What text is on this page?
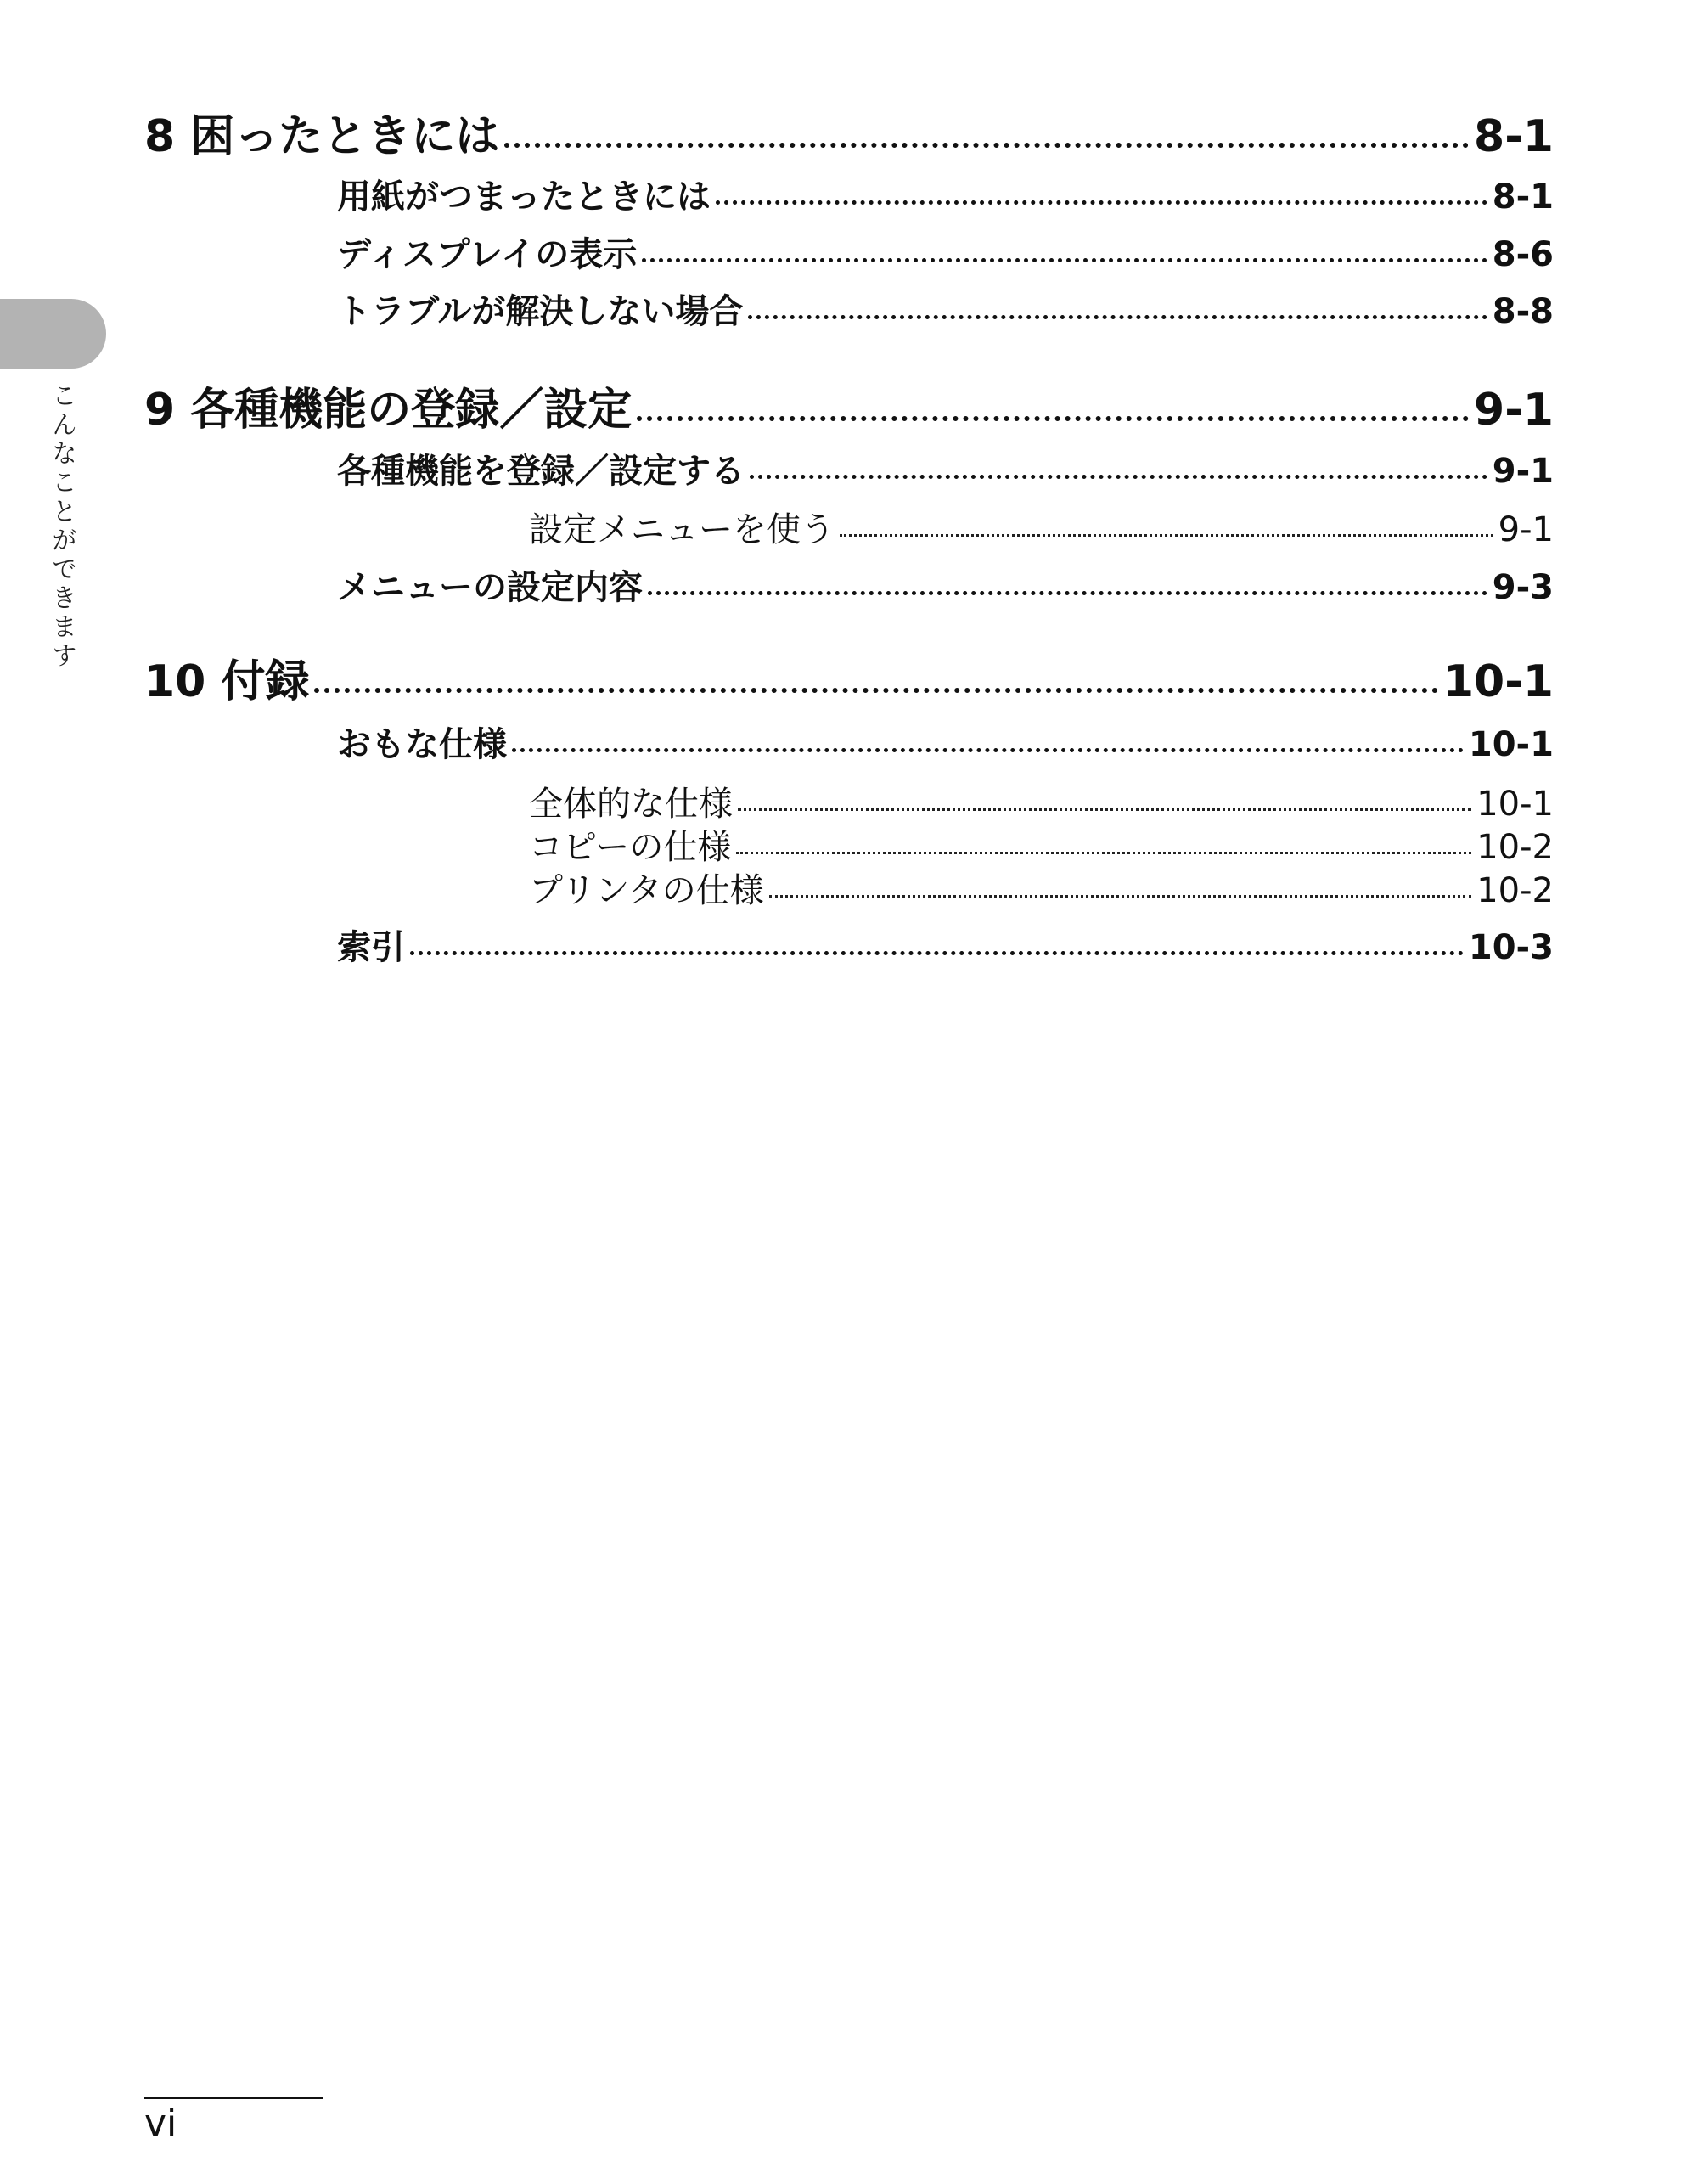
こんなことができます
8 困ったときには	8-1
用紙がつまったときには	8-1
ディスプレイの表示	8-6
トラブルが解決しない場合	8-8
9 各種機能の登録／設定	9-1
各種機能を登録／設定する	9-1
設定メニューを使う	9-1
メニューの設定内容	9-3
10 付録	10-1
おもな仕様	10-1
全体的な仕様	10-1
コピーの仕様	10-2
プリンタの仕様	10-2
索引	10-3
vi
